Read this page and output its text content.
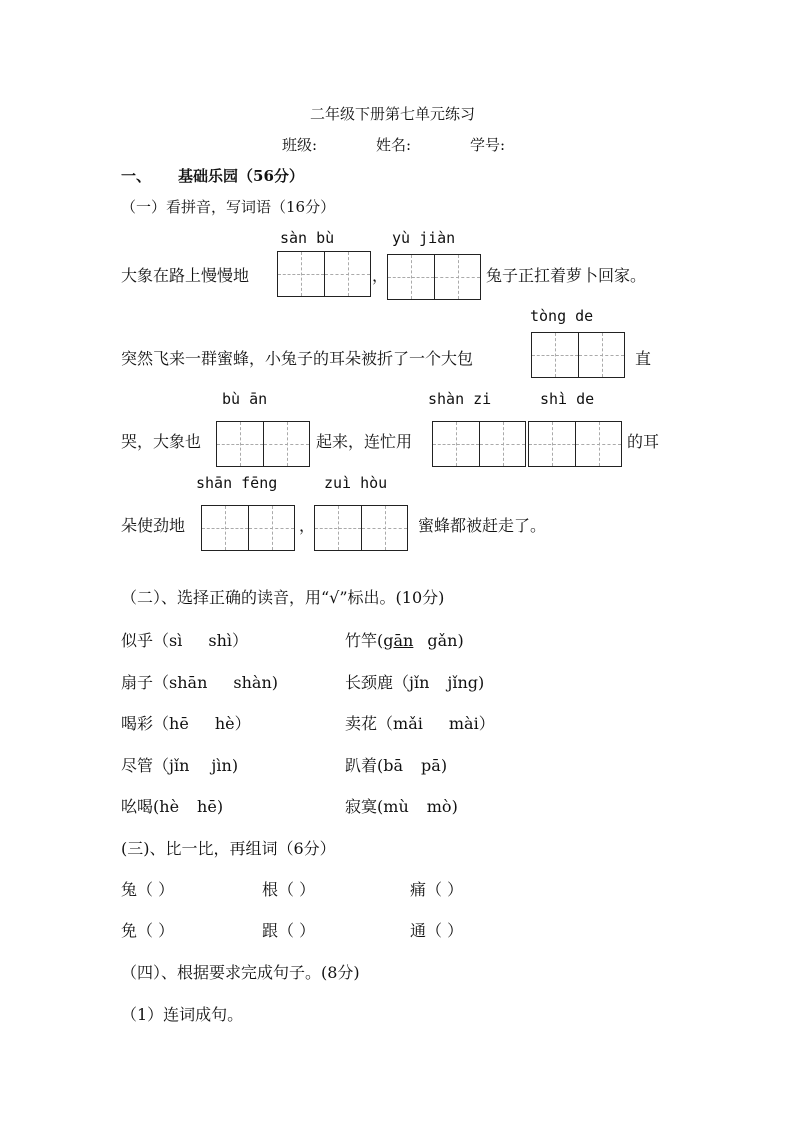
二年级下册第七单元练习
班级:	姓名:	学号:
一、 基础乐园（56分）
（一）看拼音，写词语（16分）
sàn bù	yù jiàn
大象在路上慢慢地	，	兔子正扛着萝卜回家。
tòng de
突然飞来一群蜜蜂，小兔子的耳朵被折了一个大包	直
bù ān	shàn zi	shì de
哭，大象也	起来，连忙用	的耳
shān fēng	zuì hòu
朵使劲地	，	蜜蜂都被赶走了。
（二）、选择正确的读音，用“√”标出。(10分)
似乎（sì shì）	竹竿(gān gǎn)
扇子（shān shàn)	长颈鹿（jǐn jǐng)
喝彩（hē hè）	卖花（mǎi mài）
尽管（jǐn jìn)	趴着(bā pā)
吆喝(hè hē)	寂寞(mù mò)
(三)、比一比，再组词（6分）
兔（ ）	根（ ）	痛（ ）
免（ ）	跟（ ）	通（ ）
（四）、根据要求完成句子。(8分)
（1）连词成句。
